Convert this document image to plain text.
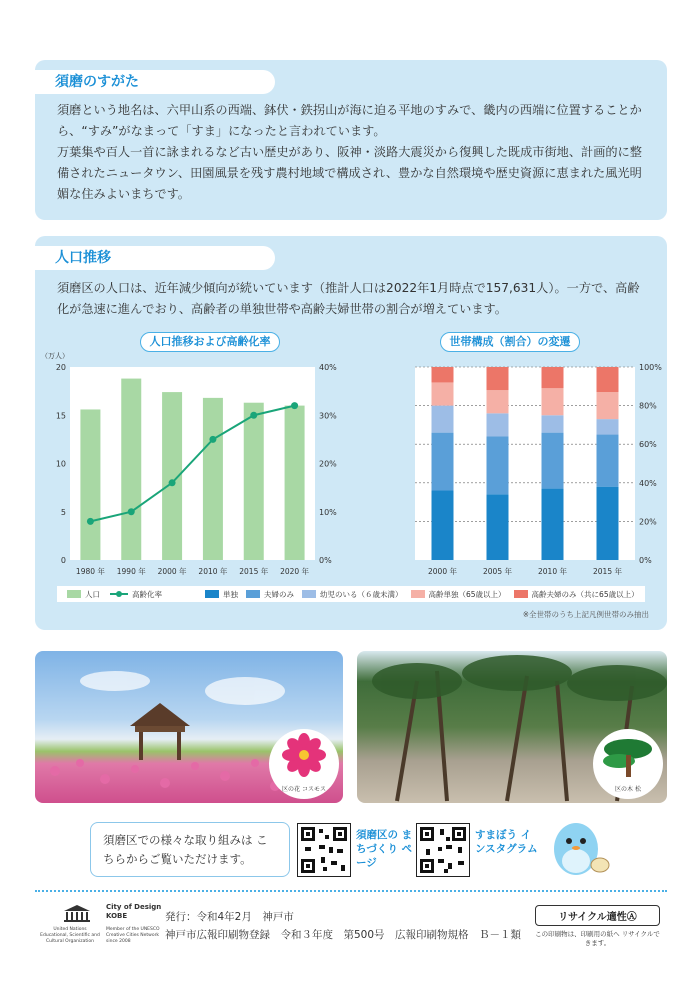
須磨のすがた

須磨という地名は、六甲山系の西端、鉢伏・鉄拐山が海に迫る平地のすみで、畿内の西端に位置することから、“すみ”がなまって「すま」になったと言われています。

万葉集や百人一首に詠まれるなど古い歴史があり、阪神・淡路大震災から復興した既成市街地、計画的に整備されたニュータウン、田園風景を残す農村地域で構成され、豊かな自然環境や歴史資源に恵まれた風光明媚な住みよいまちです。

人口推移

須磨区の人口は、近年減少傾向が続いています（推計人口は2022年1月時点で157,631人）。一方で、高齢化が急速に進んでおり、高齢者の単独世帯や高齢夫婦世帯の割合が増えています。

人口推移および高齢化率	世帯構成（割合）の変遷
（万人）
0
5
10
15
20
0%
10%
20%
30%
40%
1980 年 1990 年 2000 年 2010 年 2015 年 2020 年
0%
20%
40%
60%
80%
100%
2000 年	2005 年	2010 年	2015 年
人口	高齢化率	単独	夫婦のみ	幼児のいる（６歳未満）	高齢単独（65歳以上）	高齢夫婦のみ（共に65歳以上）
※全世帯のうち上記凡例世帯のみ抽出
区の花 コスモス	区の木 松
須磨区での様々な取り組みは こちらからご覧いただけます。
須磨区の まちづくり ページ
すまぼう インスタグラム
United Nations Educational, Scientific and Cultural Organization
City of Design KOBE
Member of the UNESCO Creative Cities Network since 2008
発行：令和4年2月　神戸市
神戸市広報印刷物登録　令和３年度　第500号　広報印刷物規格　Ｂ－１類
リサイクル適性Ⓐ
この印刷物は、印刷用の紙へ リサイクルできます。
